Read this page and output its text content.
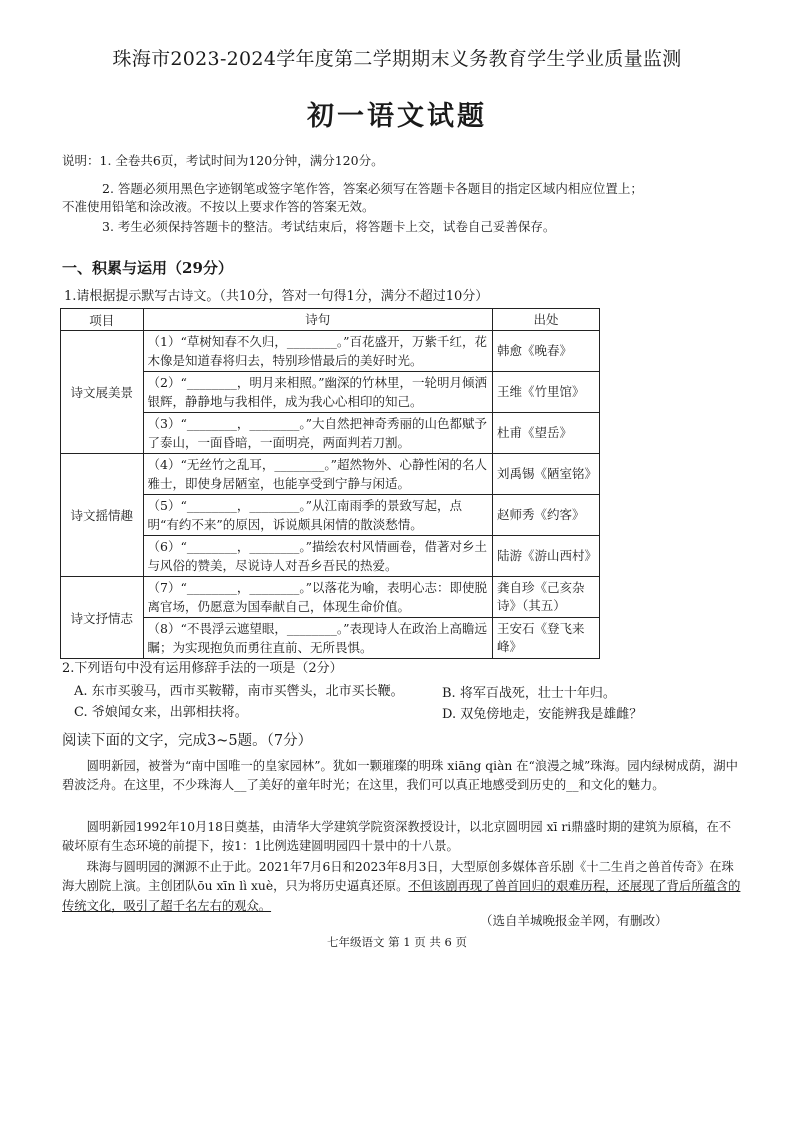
珠海市2023-2024学年度第二学期期末义务教育学生学业质量监测
初一语文试题
说明：1. 全卷共6页，考试时间为120分钟，满分120分。
2. 答题必须用黑色字迹钢笔或签字笔作答，答案必须写在答题卡各题目的指定区域内相应位置上；
不准使用铅笔和涂改液。不按以上要求作答的答案无效。
3. 考生必须保持答题卡的整洁。考试结束后，将答题卡上交，试卷自己妥善保存。
一、积累与运用（29分）
1.请根据提示默写古诗文。（共10分，答对一句得1分，满分不超过10分）
项目	诗句	出处
诗文展美景	（1）“草树知春不久归，________。”百花盛开，万紫千红，花木像是知道春将归去，特别珍惜最后的美好时光。	韩愈《晚春》
	（2）“________，明月来相照。”幽深的竹林里，一轮明月倾洒银辉，静静地与我相伴，成为我心心相印的知己。	王维《竹里馆》
	（3）“________，________。”大自然把神奇秀丽的山色都赋予了泰山，一面昏暗，一面明亮，两面判若刀割。	杜甫《望岳》
诗文摇情趣	（4）“无丝竹之乱耳，________。”超然物外、心静性闲的名人雅士，即使身居陋室，也能享受到宁静与闲适。	刘禹锡《陋室铭》
	（5）“________，________。”从江南雨季的景致写起，点明“有约不来”的原因，诉说颇具闲情的散淡愁情。	赵师秀《约客》
	（6）“________，________。”描绘农村风情画卷，借著对乡土与风俗的赞美，尽说诗人对吾乡吾民的热爱。	陆游《游山西村》
诗文抒情志	（7）“________，________。”以落花为喻，表明心志：即使脱离官场，仍愿意为国奉献自己，体现生命价值。	龚自珍《己亥杂诗》（其五）
	（8）“不畏浮云遮望眼，________。”表现诗人在政治上高瞻远瞩；为实现抱负而勇往直前、无所畏惧。	王安石《登飞来峰》
2.下列语句中没有运用修辞手法的一项是（2分）
A. 东市买骏马，西市买鞍鞯，南市买辔头，北市买长鞭。	B. 将军百战死，壮士十年归。
C. 爷娘闻女来，出郭相扶将。	D. 双兔傍地走，安能辨我是雄雌？
阅读下面的文字，完成3~5题。（7分）
圆明新园，被誉为“南中国唯一的皇家园林”。犹如一颗璀璨的明珠 xiāng qiàn 在“浪漫之城”珠海。园内绿树成荫，湖中碧波泛舟。在这里，不少珠海人__了美好的童年时光；在这里，我们可以真正地感受到历史的__和文化的魅力。
圆明新园1992年10月18日奠基，由清华大学建筑学院资深教授设计，以北京圆明园 xī ri鼎盛时期的建筑为原稿，在不破坏原有生态环境的前提下，按1：1比例选建圆明园四十景中的十八景。
珠海与圆明园的渊源不止于此。2021年7月6日和2023年8月3日，大型原创多媒体音乐剧《十二生肖之兽首传奇》在珠海大剧院上演。主创团队ōu xīn lì xuè，只为将历史逼真还原。不但该剧再现了兽首回归的艰难历程，还展现了背后所蕴含的传统文化，吸引了超千名左右的观众。
（选自羊城晚报金羊网，有删改）
七年级语文 第 1 页 共 6 页
